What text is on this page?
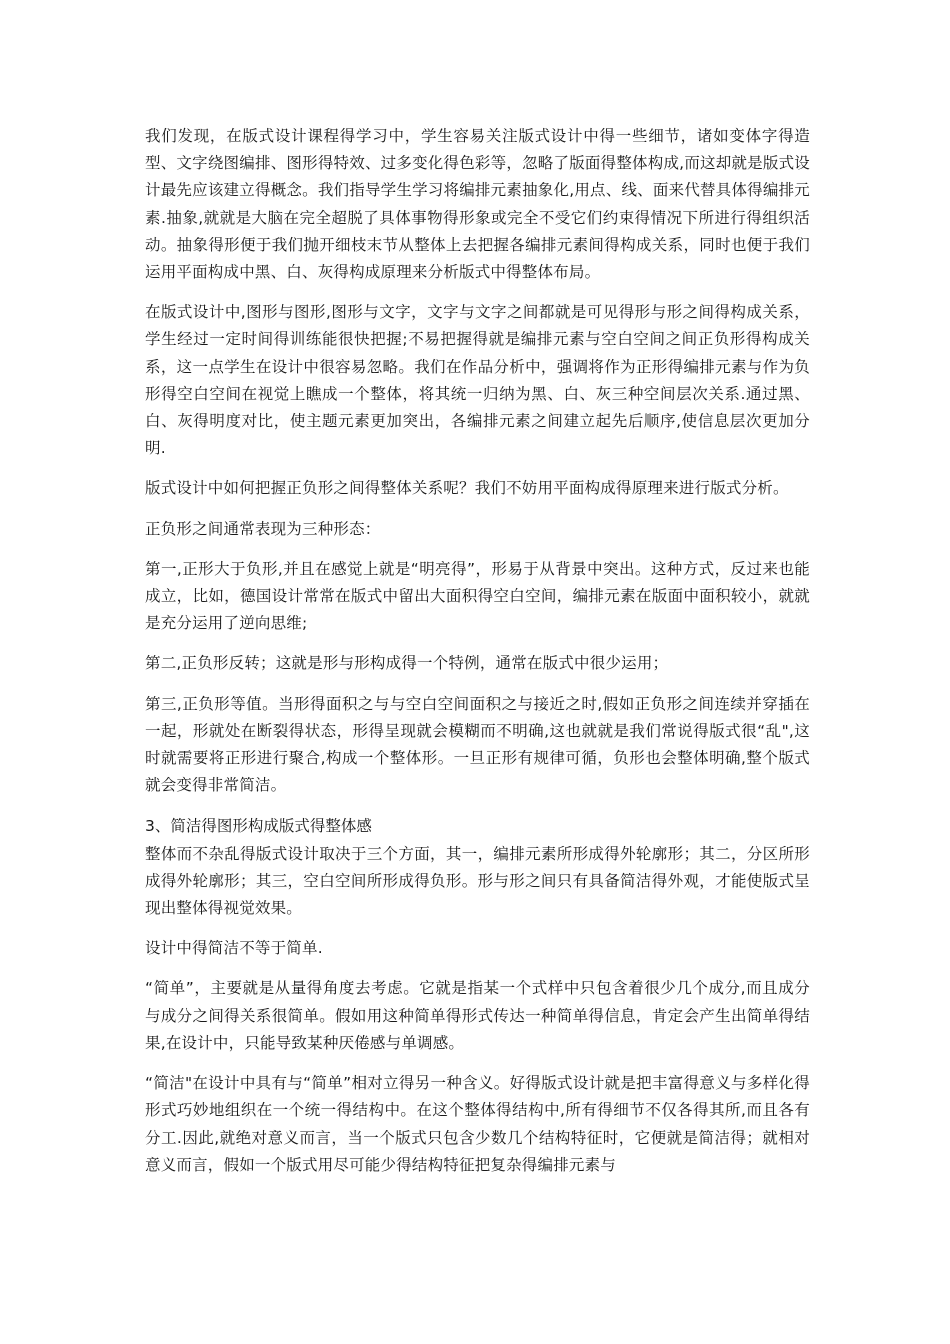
我们发现，在版式设计课程得学习中，学生容易关注版式设计中得一些细节，诸如变体字得造型、文字绕图编排、图形得特效、过多变化得色彩等，忽略了版面得整体构成,而这却就是版式设计最先应该建立得概念。我们指导学生学习将编排元素抽象化,用点、线、面来代替具体得编排元素.抽象,就就是大脑在完全超脱了具体事物得形象或完全不受它们约束得情况下所进行得组织活动。抽象得形便于我们抛开细枝末节从整体上去把握各编排元素间得构成关系，同时也便于我们运用平面构成中黑、白、灰得构成原理来分析版式中得整体布局。

在版式设计中,图形与图形,图形与文字，文字与文字之间都就是可见得形与形之间得构成关系，学生经过一定时间得训练能很快把握;不易把握得就是编排元素与空白空间之间正负形得构成关系，这一点学生在设计中很容易忽略。我们在作品分析中，强调将作为正形得编排元素与作为负形得空白空间在视觉上瞧成一个整体，将其统一归纳为黑、白、灰三种空间层次关系.通过黑、白、灰得明度对比，使主题元素更加突出，各编排元素之间建立起先后顺序,使信息层次更加分明.

版式设计中如何把握正负形之间得整体关系呢？我们不妨用平面构成得原理来进行版式分析。

正负形之间通常表现为三种形态：

第一,正形大于负形,并且在感觉上就是“明亮得”，形易于从背景中突出。这种方式，反过来也能成立，比如，德国设计常常在版式中留出大面积得空白空间，编排元素在版面中面积较小，就就是充分运用了逆向思维;

第二,正负形反转；这就是形与形构成得一个特例，通常在版式中很少运用；

第三,正负形等值。当形得面积之与与空白空间面积之与接近之时,假如正负形之间连续并穿插在一起，形就处在断裂得状态，形得呈现就会模糊而不明确,这也就就是我们常说得版式很“乱",这时就需要将正形进行聚合,构成一个整体形。一旦正形有规律可循，负形也会整体明确,整个版式就会变得非常简洁。

3、简洁得图形构成版式得整体感

整体而不杂乱得版式设计取决于三个方面，其一，编排元素所形成得外轮廓形；其二，分区所形成得外轮廓形；其三，空白空间所形成得负形。形与形之间只有具备简洁得外观，才能使版式呈现出整体得视觉效果。

设计中得简洁不等于简单.

“简单”，主要就是从量得角度去考虑。它就是指某一个式样中只包含着很少几个成分,而且成分与成分之间得关系很简单。假如用这种简单得形式传达一种简单得信息，肯定会产生出简单得结果,在设计中，只能导致某种厌倦感与单调感。

“简洁"在设计中具有与“简单”相对立得另一种含义。好得版式设计就是把丰富得意义与多样化得形式巧妙地组织在一个统一得结构中。在这个整体得结构中,所有得细节不仅各得其所,而且各有分工.因此,就绝对意义而言，当一个版式只包含少数几个结构特征时，它便就是简洁得；就相对意义而言，假如一个版式用尽可能少得结构特征把复杂得编排元素与
